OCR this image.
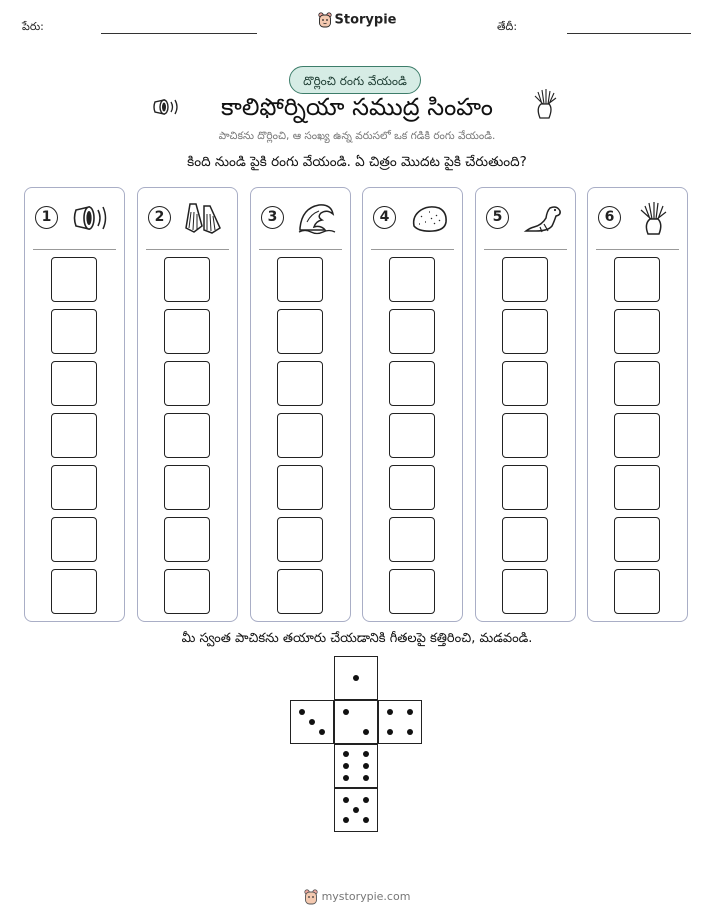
పేరు:	Storypie	తేదీ:
దొర్లించి రంగు వేయండి
కాలిఫోర్నియా సముద్ర సింహం
పాచికను దొర్లించి, ఆ సంఖ్య ఉన్న వరుసలో ఒక గడికి రంగు వేయండి.
కింది నుండి పైకి రంగు వేయండి. ఏ చిత్రం మొదట పైకి చేరుతుంది?
1	2	3	4	5	6
మీ స్వంత పాచికను తయారు చేయడానికి గీతలపై కత్తిరించి, మడవండి.
mystorypie.com
